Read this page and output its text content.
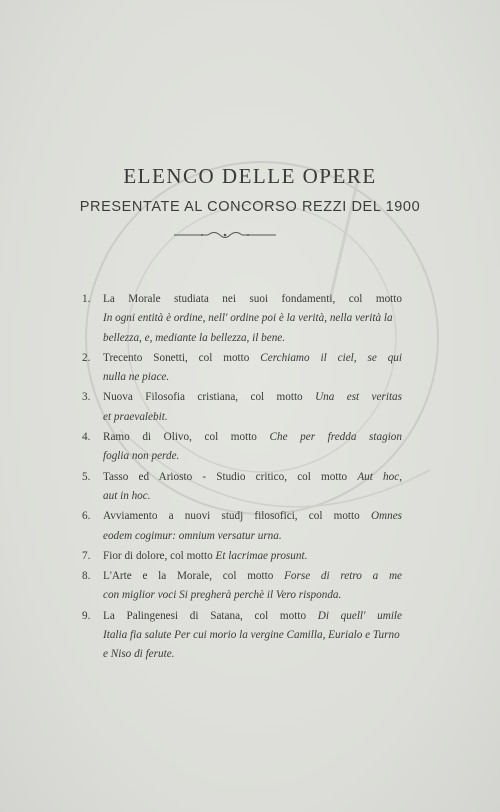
ELENCO DELLE OPERE
PRESENTATE AL CONCORSO REZZI DEL 1900
1. La Morale studiata nei suoi fondamenti, col motto
In ogni entità è ordine, nell' ordine poi è la verità, nella verità la bellezza, e, mediante la bellezza, il bene.
2. Trecento Sonetti, col motto Cerchiamo il ciel, se qui
nulla ne piace.
3. Nuova Filosofia cristiana, col motto Una est veritas
et praevalebit.
4. Ramo di Olivo, col motto Che per fredda stagion
foglia non perde.
5. Tasso ed Ariosto - Studio critico, col motto Aut hoc,
aut in hoc.
6. Avviamento a nuovi studj filosofici, col motto Omnes
eodem cogimur: omnium versatur urna.
7. Fior di dolore, col motto Et lacrimae prosunt.
8. L'Arte e la Morale, col motto Forse di retro a me
con miglior voci Si pregherà perchè il Vero risponda.
9. La Palingenesi di Satana, col motto Di quell' umile
Italia fia salute Per cui morio la vergine Camilla, Eurialo e Turno e Niso di ferute.
